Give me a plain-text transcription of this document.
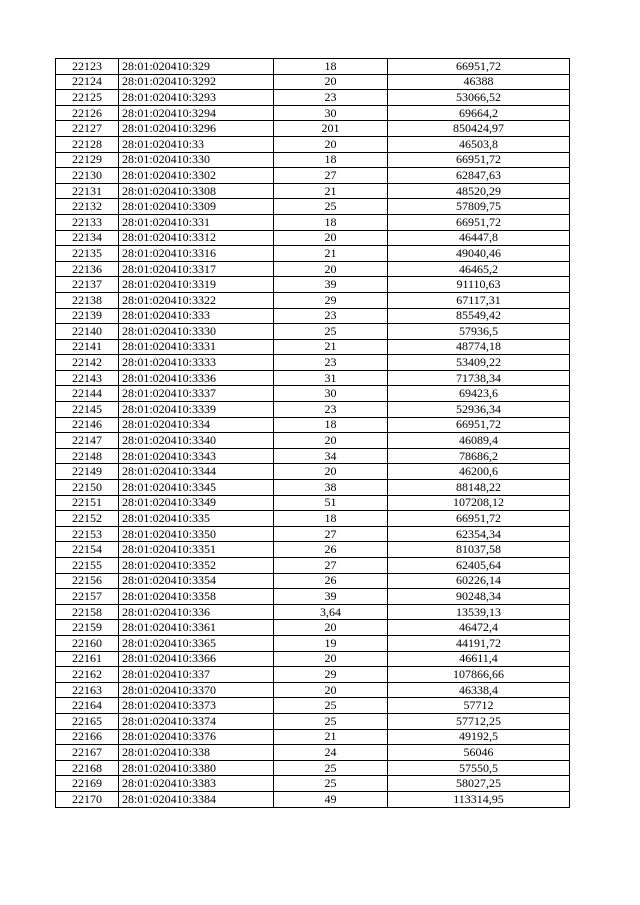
22123	28:01:020410:329	18	66951,72
22124	28:01:020410:3292	20	46388
22125	28:01:020410:3293	23	53066,52
22126	28:01:020410:3294	30	69664,2
22127	28:01:020410:3296	201	850424,97
22128	28:01:020410:33	20	46503,8
22129	28:01:020410:330	18	66951,72
22130	28:01:020410:3302	27	62847,63
22131	28:01:020410:3308	21	48520,29
22132	28:01:020410:3309	25	57809,75
22133	28:01:020410:331	18	66951,72
22134	28:01:020410:3312	20	46447,8
22135	28:01:020410:3316	21	49040,46
22136	28:01:020410:3317	20	46465,2
22137	28:01:020410:3319	39	91110,63
22138	28:01:020410:3322	29	67117,31
22139	28:01:020410:333	23	85549,42
22140	28:01:020410:3330	25	57936,5
22141	28:01:020410:3331	21	48774,18
22142	28:01:020410:3333	23	53409,22
22143	28:01:020410:3336	31	71738,34
22144	28:01:020410:3337	30	69423,6
22145	28:01:020410:3339	23	52936,34
22146	28:01:020410:334	18	66951,72
22147	28:01:020410:3340	20	46089,4
22148	28:01:020410:3343	34	78686,2
22149	28:01:020410:3344	20	46200,6
22150	28:01:020410:3345	38	88148,22
22151	28:01:020410:3349	51	107208,12
22152	28:01:020410:335	18	66951,72
22153	28:01:020410:3350	27	62354,34
22154	28:01:020410:3351	26	81037,58
22155	28:01:020410:3352	27	62405,64
22156	28:01:020410:3354	26	60226,14
22157	28:01:020410:3358	39	90248,34
22158	28:01:020410:336	3,64	13539,13
22159	28:01:020410:3361	20	46472,4
22160	28:01:020410:3365	19	44191,72
22161	28:01:020410:3366	20	46611,4
22162	28:01:020410:337	29	107866,66
22163	28:01:020410:3370	20	46338,4
22164	28:01:020410:3373	25	57712
22165	28:01:020410:3374	25	57712,25
22166	28:01:020410:3376	21	49192,5
22167	28:01:020410:338	24	56046
22168	28:01:020410:3380	25	57550,5
22169	28:01:020410:3383	25	58027,25
22170	28:01:020410:3384	49	113314,95
